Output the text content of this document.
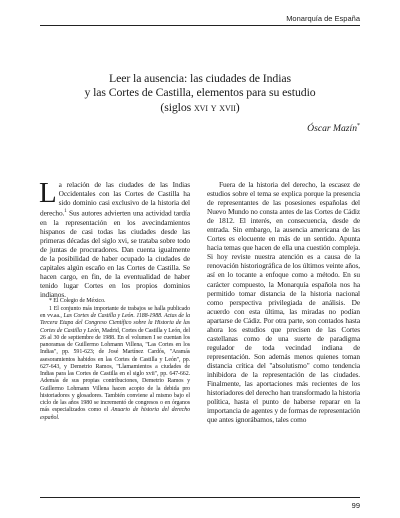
Monarquía de España
Leer la ausencia: las ciudades de Indias
y las Cortes de Castilla, elementos para su estudio
(siglos xvi y xvii)
Óscar Mazín*

La relación de las ciudades de las Indias Occidentales con las Cortes de Castilla ha sido dominio casi exclusivo de la historia del derecho.$^1$ Sus autores advierten una actividad tardía en la representación en los avecindamientos hispanos de casi todas las ciudades desde las primeras décadas del siglo xvi, se trataba sobre todo de juntas de procuradores. Dan cuenta igualmente de la posibilidad de haber ocupado la ciudades de capitales algún escaño en las Cortes de Castilla. Se hacen cargo, en fin, de la eventualidad de haber tenido lugar Cortes en los propios dominios indianos.

* El Colegio de México.

1 El conjunto más importante de trabajos se halla publicado en vv.aa., Las Cortes de Castilla y León. 1188-1988. Actas de la Tercera Etapa del Congreso Científico sobre la Historia de las Cortes de Castilla y León, Madrid, Cortes de Castilla y León, del 26 al 30 de septiembre de 1988. En el volumen I se cuentan los panoramas de Guillermo Lohmann Villena, "Las Cortes en los Indias", pp. 591-623; de José Martínez Cardós, "Aramás asesoramientos habidos en las Cortes de Castilla y León", pp. 627-643, y Demetrio Ramos, "Llamamientos a ciudades de Indias para las Cortes de Castilla en el siglo xvii", pp. 647-662. Además de sus propias contribuciones, Demetrio Ramos y Guillermo Lohmann Villena hacen acopio de la debida pro historiadores y glosadores. También conviene al mismo bajo el ciclo de las años 1980 se incrementó de congresos o en órganos más especializados como el Anuario de historia del derecho español.

Fuera de la historia del derecho, la escasez de estudios sobre el tema se explica porque la presencia de representantes de las posesiones españolas del Nuevo Mundo no consta antes de las Cortes de Cádiz de 1812. El interés, en consecuencia, desde de entrada. Sin embargo, la ausencia americana de las Cortes es elocuente en más de un sentido. Apunta hacia temas que hacen de ella una cuestión compleja. Si hoy reviste nuestra atención es a causa de la renovación historiográfica de los últimos veinte años, así en lo tocante a enfoque como a método. En su carácter compuesto, la Monarquía española nos ha permitido tomar distancia de la historia nacional como perspectiva privilegiada de análisis. De acuerdo con esta última, las miradas no podían apartarse de Cádiz. Por otra parte, son contados hasta ahora los estudios que precisen de las Cortes castellanas como de una suerte de paradigma regulador de toda vecindad indiana de representación. Son además menos quienes toman distancia crítica del "absolutismo" como tendencia inhibidora de la representación de las ciudades. Finalmente, las aportaciones más recientes de los historiadores del derecho han transformado la historia política, hasta el punto de haberse reparar en la importancia de agentes y de formas de representación que antes ignorábamos, tales como

99
